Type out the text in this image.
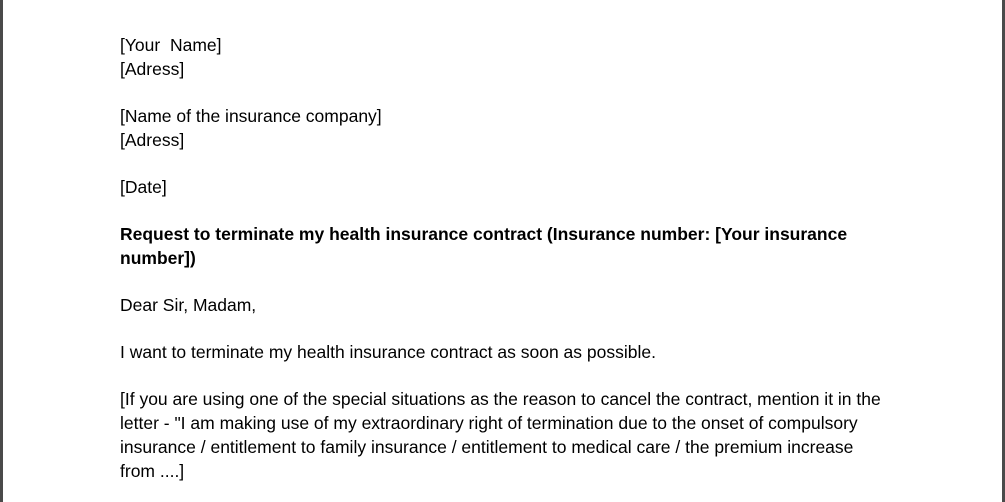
[Your  Name]
[Adress]
[Name of the insurance company]
[Adress]
[Date]
Request to terminate my health insurance contract (Insurance number: [Your insurance number])
Dear Sir, Madam,
I want to terminate my health insurance contract as soon as possible.
[If you are using one of the special situations as the reason to cancel the contract, mention it in the letter - "I am making use of my extraordinary right of termination due to the onset of compulsory insurance / entitlement to family insurance / entitlement to medical care / the premium increase from ....]
